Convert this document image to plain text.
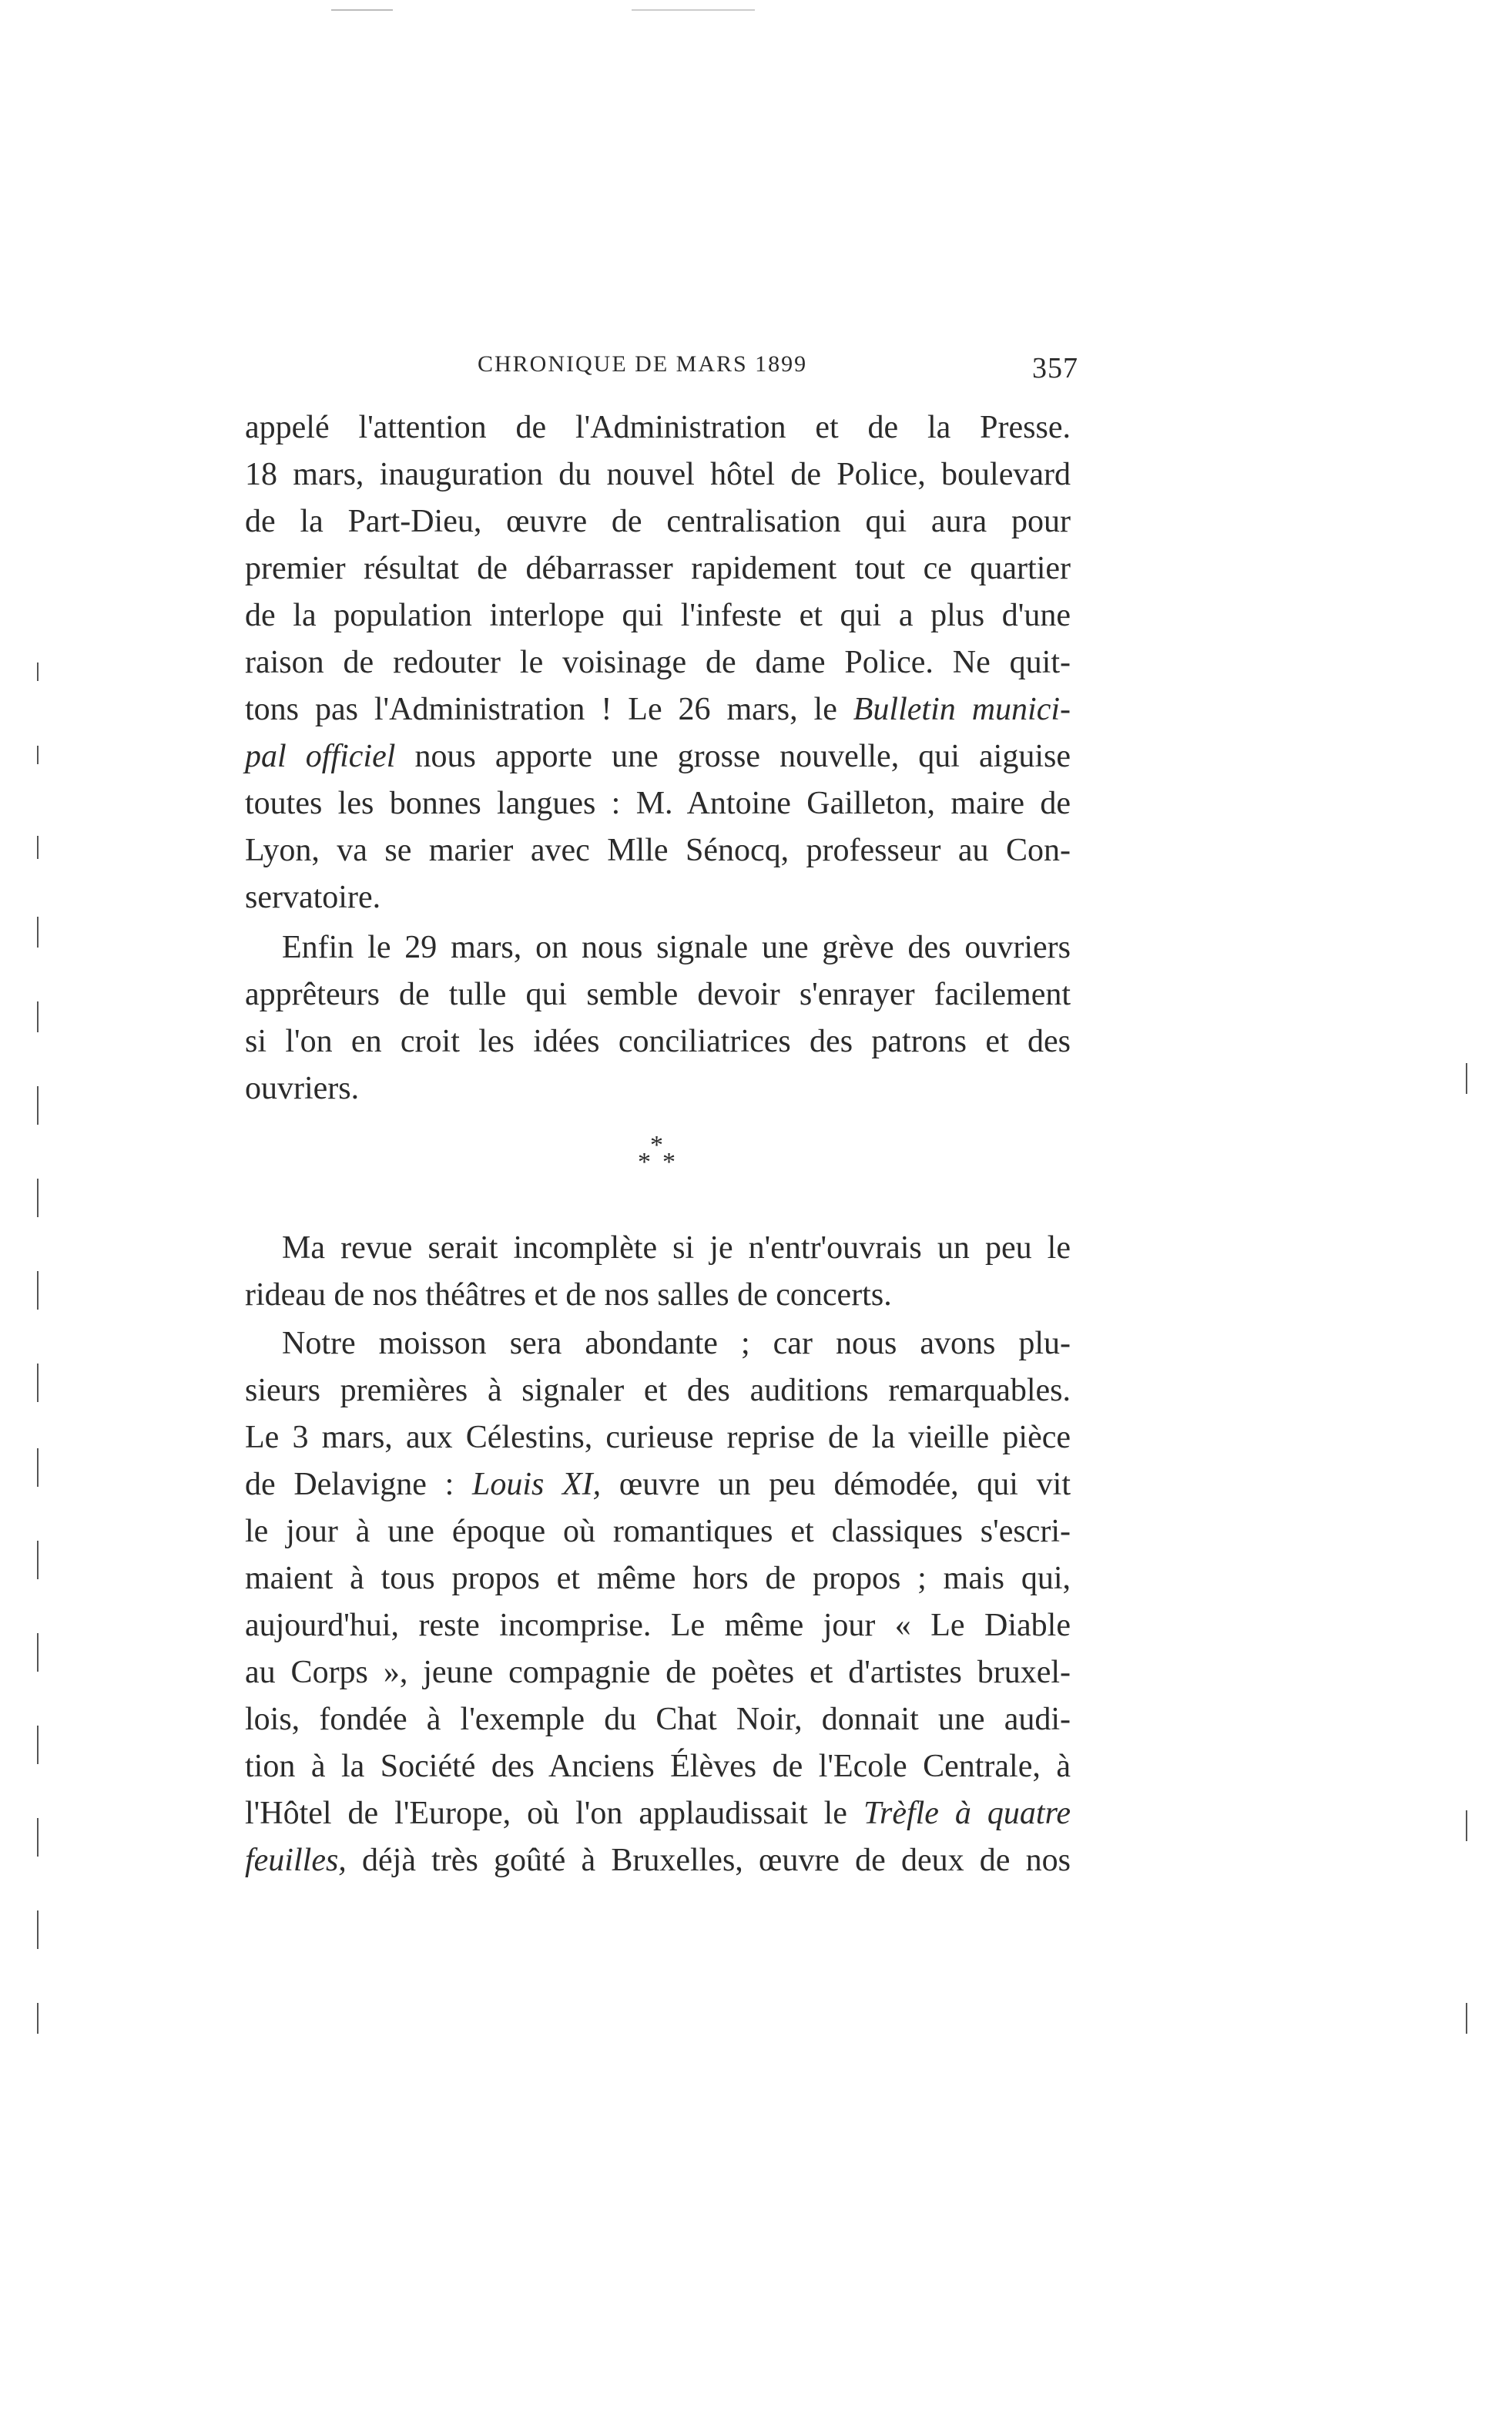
CHRONIQUE DE MARS 1899	357
appelé l'attention de l'Administration et de la Presse.
18 mars, inauguration du nouvel hôtel de Police, boulevard
de la Part-Dieu, œuvre de centralisation qui aura pour
premier résultat de débarrasser rapidement tout ce quartier
de la population interlope qui l'infeste et qui a plus d'une
raison de redouter le voisinage de dame Police. Ne quit-
tons pas l'Administration ! Le 26 mars, le Bulletin munici-
pal officiel nous apporte une grosse nouvelle, qui aiguise
toutes les bonnes langues : M. Antoine Gailleton, maire de
Lyon, va se marier avec Mlle Sénocq, professeur au Con-
servatoire.
Enfin le 29 mars, on nous signale une grève des ouvriers
apprêteurs de tulle qui semble devoir s'enrayer facilement
si l'on en croit les idées conciliatrices des patrons et des
ouvriers.
*
* *
Ma revue serait incomplète si je n'entr'ouvrais un peu le
rideau de nos théâtres et de nos salles de concerts.
Notre moisson sera abondante ; car nous avons plu-
sieurs premières à signaler et des auditions remarquables.
Le 3 mars, aux Célestins, curieuse reprise de la vieille pièce
de Delavigne : Louis XI, œuvre un peu démodée, qui vit
le jour à une époque où romantiques et classiques s'escri-
maient à tous propos et même hors de propos ; mais qui,
aujourd'hui, reste incomprise. Le même jour « Le Diable
au Corps », jeune compagnie de poètes et d'artistes bruxel-
lois, fondée à l'exemple du Chat Noir, donnait une audi-
tion à la Société des Anciens Élèves de l'Ecole Centrale, à
l'Hôtel de l'Europe, où l'on applaudissait le Trèfle à quatre
feuilles, déjà très goûté à Bruxelles, œuvre de deux de nos
